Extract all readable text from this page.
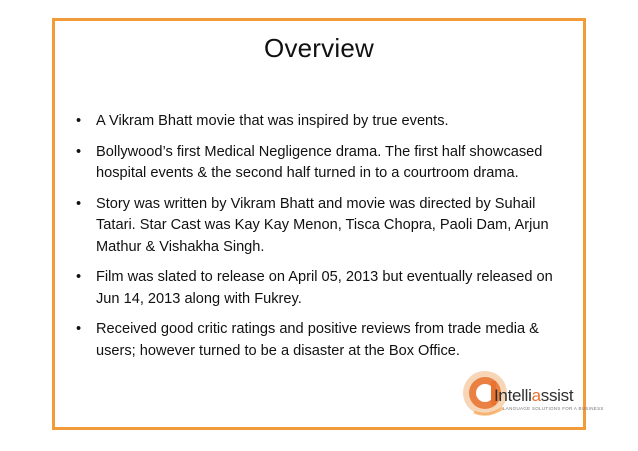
Overview
• A Vikram Bhatt movie that was inspired by true events.
• Bollywood’s first Medical Negligence drama. The first half showcased hospital events & the second half turned in to a courtroom drama.
• Story was written by Vikram Bhatt and movie was directed by Suhail Tatari. Star Cast was Kay Kay Menon, Tisca Chopra, Paoli Dam, Arjun Mathur & Vishakha Singh.
• Film was slated to release on April 05, 2013 but eventually released on Jun 14, 2013 along with Fukrey.
• Received good critic ratings and positive reviews from trade media & users; however turned to be a disaster at the Box Office.
Intelliassist
LANGUAGE SOLUTIONS FOR A BUSINESS
